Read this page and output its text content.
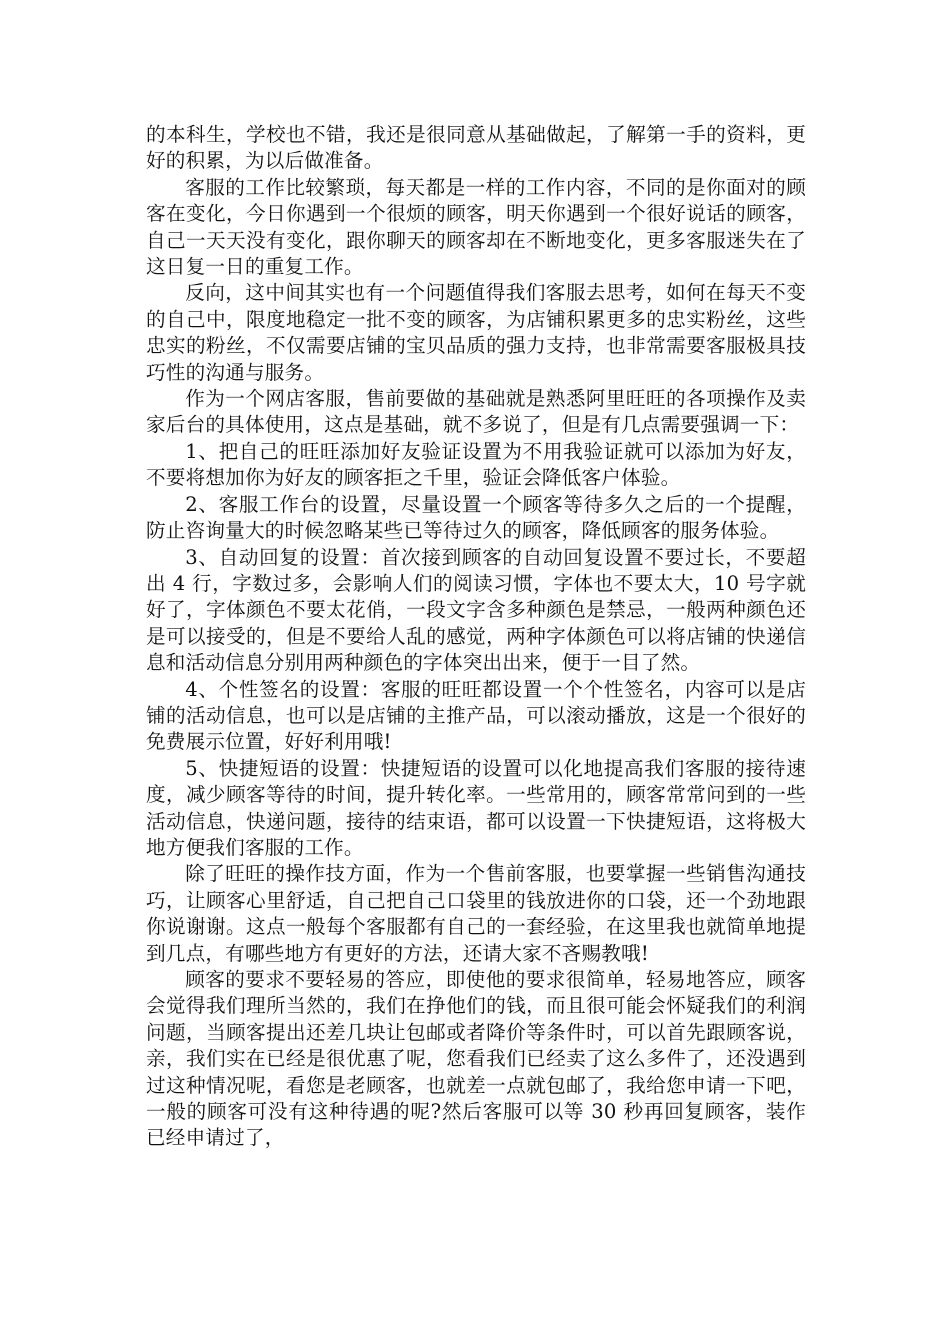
的本科生，学校也不错，我还是很同意从基础做起，了解第一手的资料，更好的积累，为以后做准备。

客服的工作比较繁琐，每天都是一样的工作内容，不同的是你面对的顾客在变化，今日你遇到一个很烦的顾客，明天你遇到一个很好说话的顾客，自己一天天没有变化，跟你聊天的顾客却在不断地变化，更多客服迷失在了这日复一日的重复工作。

反向，这中间其实也有一个问题值得我们客服去思考，如何在每天不变的自己中，限度地稳定一批不变的顾客，为店铺积累更多的忠实粉丝，这些忠实的粉丝，不仅需要店铺的宝贝品质的强力支持，也非常需要客服极具技巧性的沟通与服务。

作为一个网店客服，售前要做的基础就是熟悉阿里旺旺的各项操作及卖家后台的具体使用，这点是基础，就不多说了，但是有几点需要强调一下：

1、把自己的旺旺添加好友验证设置为不用我验证就可以添加为好友，不要将想加你为好友的顾客拒之千里，验证会降低客户体验。

2、客服工作台的设置，尽量设置一个顾客等待多久之后的一个提醒，防止咨询量大的时候忽略某些已等待过久的顾客，降低顾客的服务体验。

3、自动回复的设置：首次接到顾客的自动回复设置不要过长，不要超出 4 行，字数过多，会影响人们的阅读习惯，字体也不要太大，10 号字就好了，字体颜色不要太花俏，一段文字含多种颜色是禁忌，一般两种颜色还是可以接受的，但是不要给人乱的感觉，两种字体颜色可以将店铺的快递信息和活动信息分别用两种颜色的字体突出出来，便于一目了然。

4、个性签名的设置：客服的旺旺都设置一个个性签名，内容可以是店铺的活动信息，也可以是店铺的主推产品，可以滚动播放，这是一个很好的免费展示位置，好好利用哦!

5、快捷短语的设置：快捷短语的设置可以化地提高我们客服的接待速度，减少顾客等待的时间，提升转化率。一些常用的，顾客常常问到的一些活动信息，快递问题，接待的结束语，都可以设置一下快捷短语，这将极大地方便我们客服的工作。

除了旺旺的操作技方面，作为一个售前客服，也要掌握一些销售沟通技巧，让顾客心里舒适，自己把自己口袋里的钱放进你的口袋，还一个劲地跟你说谢谢。这点一般每个客服都有自己的一套经验，在这里我也就简单地提到几点，有哪些地方有更好的方法，还请大家不吝赐教哦!

顾客的要求不要轻易的答应，即使他的要求很简单，轻易地答应，顾客会觉得我们理所当然的，我们在挣他们的钱，而且很可能会怀疑我们的利润问题，当顾客提出还差几块让包邮或者降价等条件时，可以首先跟顾客说，亲，我们实在已经是很优惠了呢，您看我们已经卖了这么多件了，还没遇到过这种情况呢，看您是老顾客，也就差一点就包邮了，我给您申请一下吧，一般的顾客可没有这种待遇的呢?然后客服可以等 30 秒再回复顾客，装作已经申请过了，
